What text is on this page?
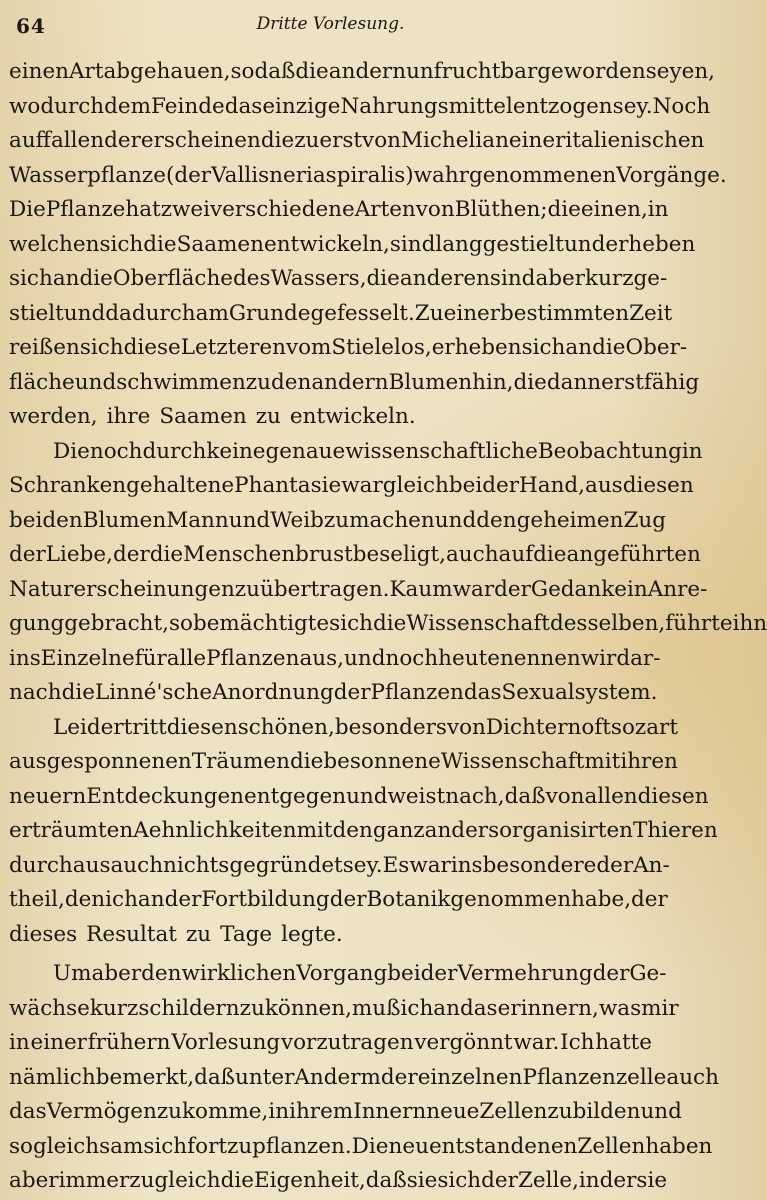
64	Dritte Vorlesung.
einen Art abgehauen, so daß die andern unfruchtbar geworden seyen,
wodurch dem Feinde das einzige Nahrungsmittel entzogen sey. Noch
auffallender erscheinen die zuerst von Micheli an einer italienischen
Wasserpflanze (der Vallisneria spiralis) wahrgenommenen Vorgänge.
Die Pflanze hat zwei verschiedene Arten von Blüthen; die einen, in
welchen sich die Saamen entwickeln, sind lang gestielt und erheben
sich an die Oberfläche des Wassers, die anderen sind aber kurz ge-
stielt und dadurch am Grunde gefesselt. Zu einer bestimmten Zeit
reißen sich diese Letzteren vom Stiele los, erheben sich an die Ober-
fläche und schwimmen zu den andern Blumen hin, die dann erst fähig
werden, ihre Saamen zu entwickeln.
Die noch durch keine genaue wissenschaftliche Beobachtung in
Schranken gehaltene Phantasie war gleich bei der Hand, aus diesen
beiden Blumen Mann und Weib zu machen und den geheimen Zug
der Liebe, der die Menschenbrust beseligt, auch auf die angeführten
Naturerscheinungen zu übertragen. Kaum war der Gedanke in Anre-
gung gebracht, so bemächtigte sich die Wissenschaft desselben, führte ihn
ins Einzelne für alle Pflanzen aus, und noch heute nennen wir dar-
nach die Linné'sche Anordnung der Pflanzen das Sexualsystem.
Leider tritt diesen schönen, besonders von Dichtern oft so zart
ausgesponnenen Träumen die besonnene Wissenschaft mit ihren
neuern Entdeckungen entgegen und weist nach, daß von allen diesen
erträumten Aehnlichkeiten mit den ganz anders organisirten Thieren
durchaus auch nichts gegründet sey. Es war insbesondere der An-
theil, den ich an der Fortbildung der Botanik genommen habe, der
dieses Resultat zu Tage legte.
Um aber den wirklichen Vorgang bei der Vermehrung der Ge-
wächse kurz schildern zu können, muß ich an das erinnern, was mir
in einer frühern Vorlesung vorzutragen vergönnt war. Ich hatte
nämlich bemerkt, daß unter Anderm der einzelnen Pflanzenzelle auch
das Vermögen zukomme, in ihrem Innern neue Zellen zu bilden und
so gleichsam sich fortzupflanzen. Die neu entstandenen Zellen haben
aber immer zugleich die Eigenheit, daß sie sich der Zelle, in der sie
